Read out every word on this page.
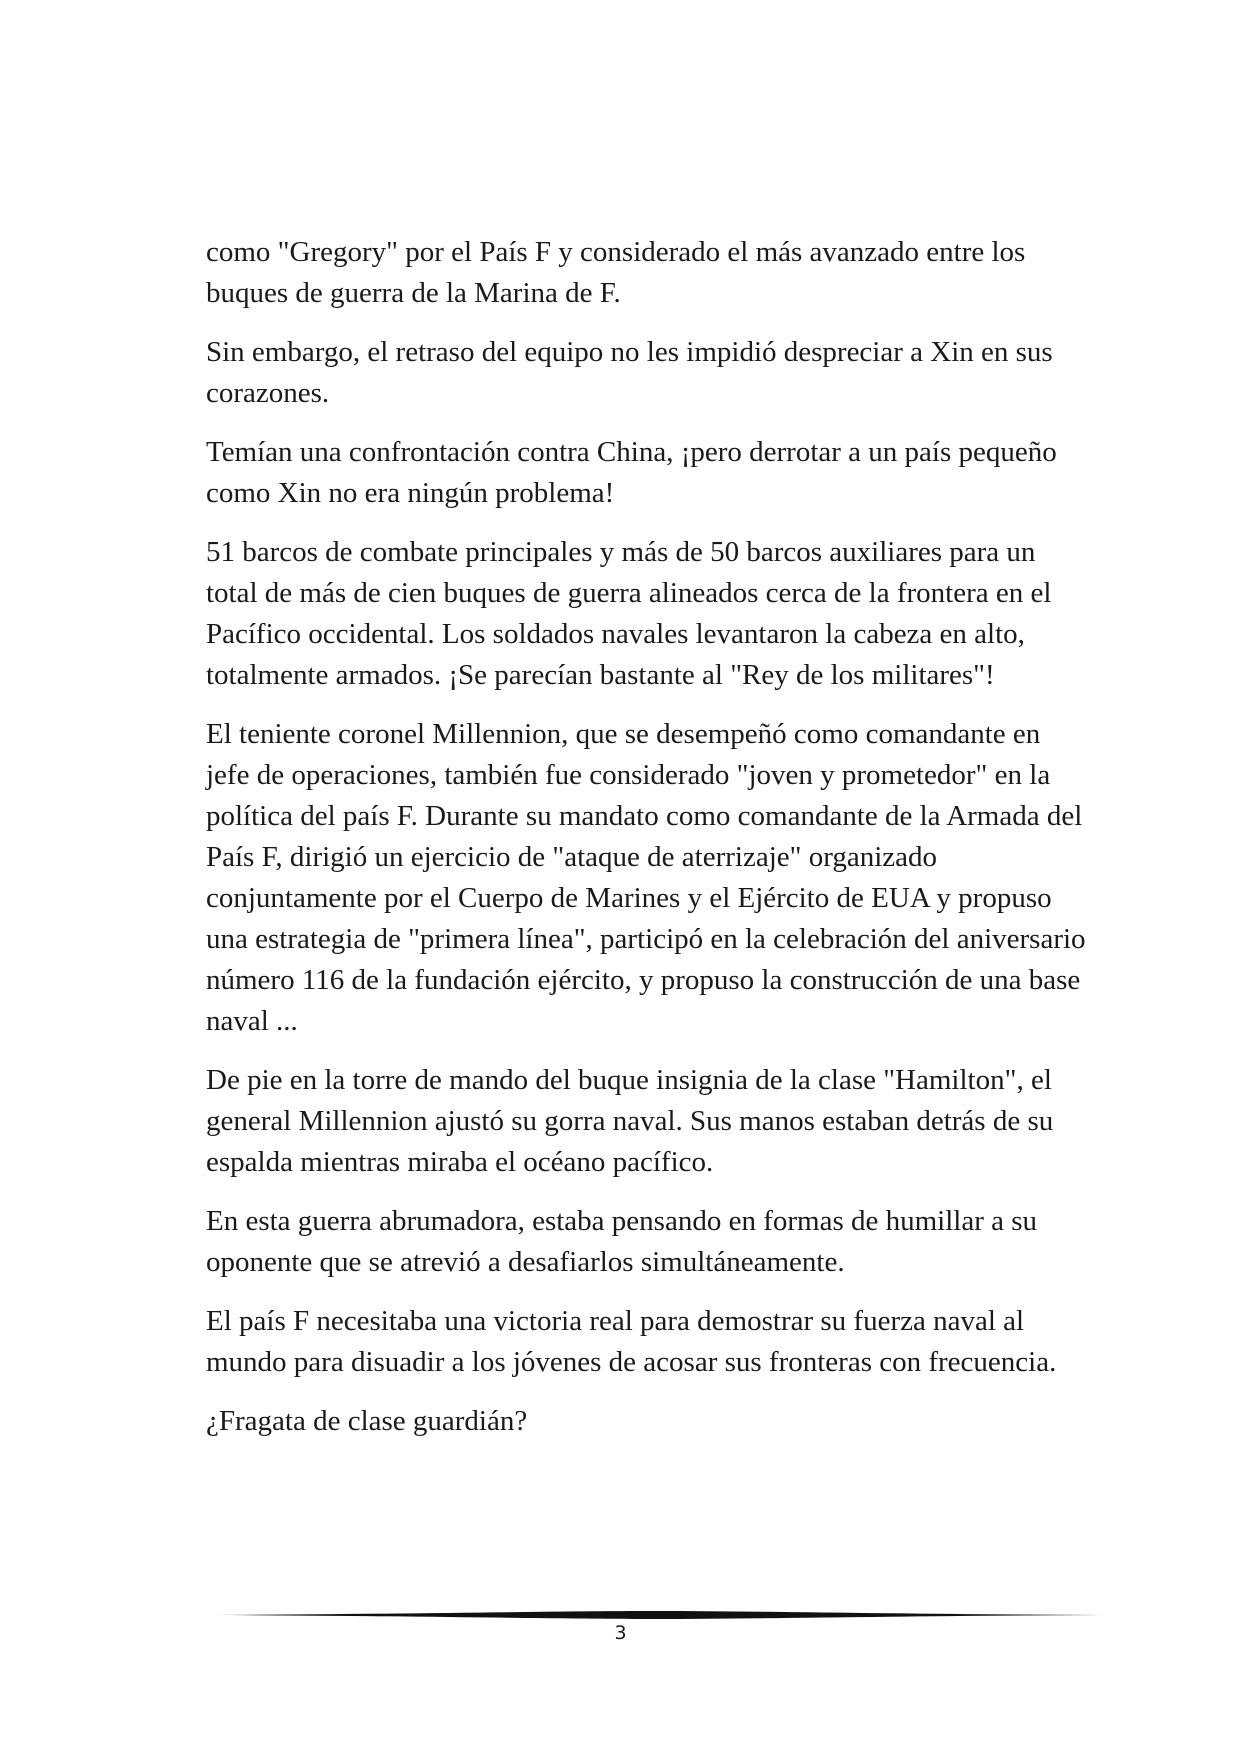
como "Gregory" por el País F y considerado el más avanzado entre los buques de guerra de la Marina de F.

Sin embargo, el retraso del equipo no les impidió despreciar a Xin en sus corazones.

Temían una confrontación contra China, ¡pero derrotar a un país pequeño como Xin no era ningún problema!

51 barcos de combate principales y más de 50 barcos auxiliares para un total de más de cien buques de guerra alineados cerca de la frontera en el Pacífico occidental. Los soldados navales levantaron la cabeza en alto, totalmente armados. ¡Se parecían bastante al "Rey de los militares"!

El teniente coronel Millennion, que se desempeñó como comandante en jefe de operaciones, también fue considerado "joven y prometedor" en la política del país F. Durante su mandato como comandante de la Armada del País F, dirigió un ejercicio de "ataque de aterrizaje" organizado conjuntamente por el Cuerpo de Marines y el Ejército de EUA y propuso una estrategia de "primera línea", participó en la celebración del aniversario número 116 de la fundación ejército, y propuso la construcción de una base naval ...

De pie en la torre de mando del buque insignia de la clase "Hamilton", el general Millennion ajustó su gorra naval. Sus manos estaban detrás de su espalda mientras miraba el océano pacífico.

En esta guerra abrumadora, estaba pensando en formas de humillar a su oponente que se atrevió a desafiarlos simultáneamente.

El país F necesitaba una victoria real para demostrar su fuerza naval al mundo para disuadir a los jóvenes de acosar sus fronteras con frecuencia.

¿Fragata de clase guardián?

3
